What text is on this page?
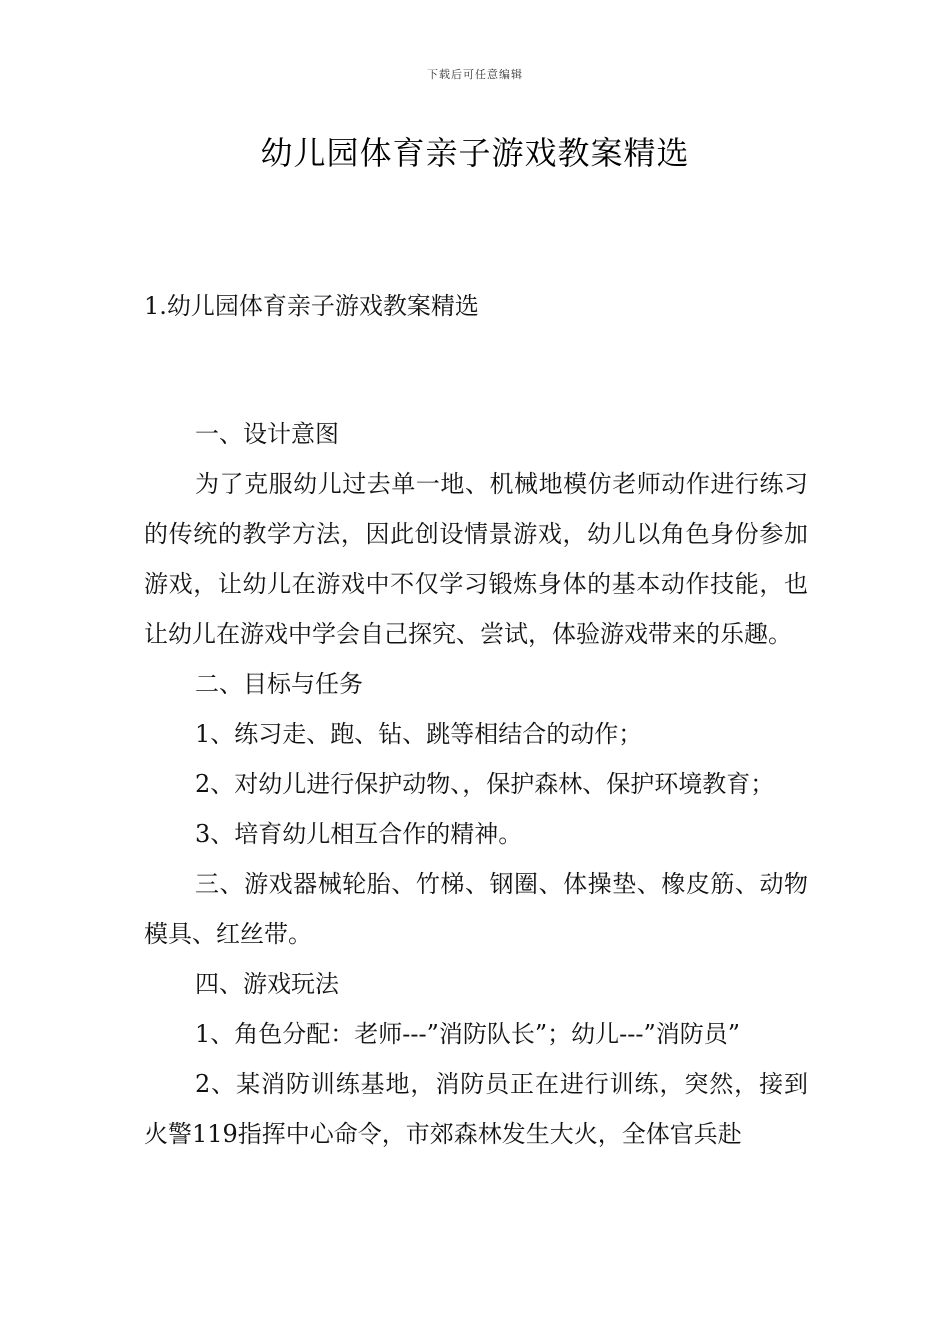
下载后可任意编辑
幼儿园体育亲子游戏教案精选

1.幼儿园体育亲子游戏教案精选

一、设计意图

为了克服幼儿过去单一地、机械地模仿老师动作进行练习的传统的教学方法，因此创设情景游戏，幼儿以角色身份参加游戏，让幼儿在游戏中不仅学习锻炼身体的基本动作技能，也让幼儿在游戏中学会自己探究、尝试，体验游戏带来的乐趣。

二、目标与任务

1、练习走、跑、钻、跳等相结合的动作；

2、对幼儿进行保护动物、，保护森林、保护环境教育；

3、培育幼儿相互合作的精神。

三、游戏器械轮胎、竹梯、钢圈、体操垫、橡皮筋、动物模具、红丝带。

四、游戏玩法

1、角色分配：老师---”消防队长”；幼儿---”消防员”

2、某消防训练基地，消防员正在进行训练，突然，接到火警119指挥中心命令，市郊森林发生大火，全体官兵赴
